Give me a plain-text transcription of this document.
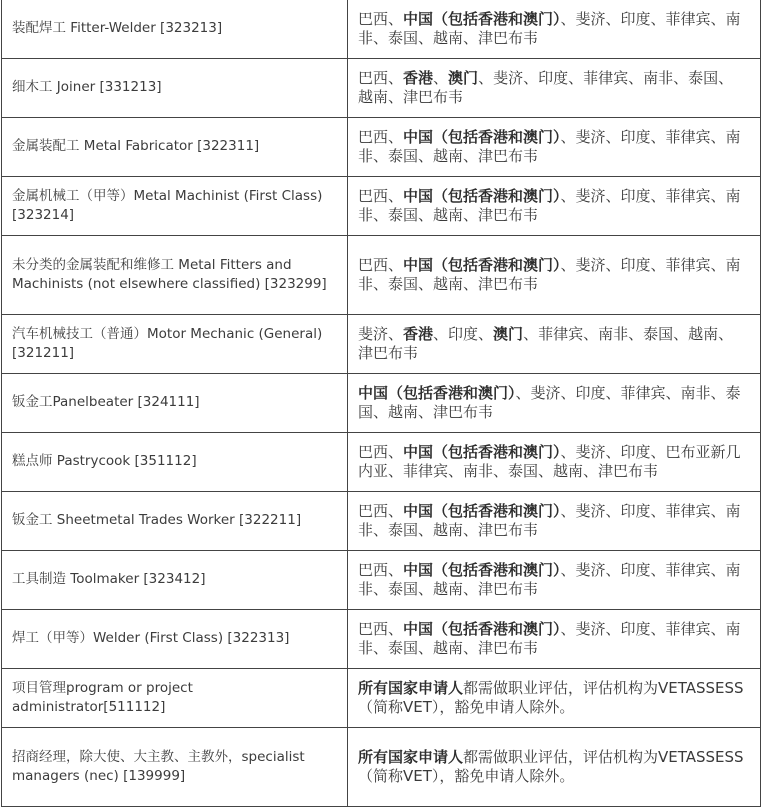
装配焊工 Fitter-Welder [323213]	巴西、中国（包括香港和澳门）、斐济、印度、菲律宾、南非、泰国、越南、津巴布韦
细木工 Joiner [331213]	巴西、香港、澳门、斐济、印度、菲律宾、南非、泰国、越南、津巴布韦
金属装配工 Metal Fabricator [322311]	巴西、中国（包括香港和澳门）、斐济、印度、菲律宾、南非、泰国、越南、津巴布韦
金属机械工（甲等）Metal Machinist (First Class) [323214]	巴西、中国（包括香港和澳门）、斐济、印度、菲律宾、南非、泰国、越南、津巴布韦
未分类的金属装配和维修工 Metal Fitters and Machinists (not elsewhere classified) [323299]	巴西、中国（包括香港和澳门）、斐济、印度、菲律宾、南非、泰国、越南、津巴布韦
汽车机械技工（普通）Motor Mechanic (General) [321211]	斐济、香港、印度、澳门、菲律宾、南非、泰国、越南、津巴布韦
钣金工Panelbeater [324111]	中国（包括香港和澳门）、斐济、印度、菲律宾、南非、泰国、越南、津巴布韦
糕点师 Pastrycook [351112]	巴西、中国（包括香港和澳门）、斐济、印度、巴布亚新几内亚、菲律宾、南非、泰国、越南、津巴布韦
钣金工 Sheetmetal Trades Worker [322211]	巴西、中国（包括香港和澳门）、斐济、印度、菲律宾、南非、泰国、越南、津巴布韦
工具制造 Toolmaker [323412]	巴西、中国（包括香港和澳门）、斐济、印度、菲律宾、南非、泰国、越南、津巴布韦
焊工（甲等）Welder (First Class) [322313]	巴西、中国（包括香港和澳门）、斐济、印度、菲律宾、南非、泰国、越南、津巴布韦
项目管理program or project administrator[511112]	所有国家申请人都需做职业评估，评估机构为VETASSESS（简称VET），豁免申请人除外。
招商经理，除大使、大主教、主教外，specialist managers (nec) [139999]	所有国家申请人都需做职业评估，评估机构为VETASSESS（简称VET），豁免申请人除外。
